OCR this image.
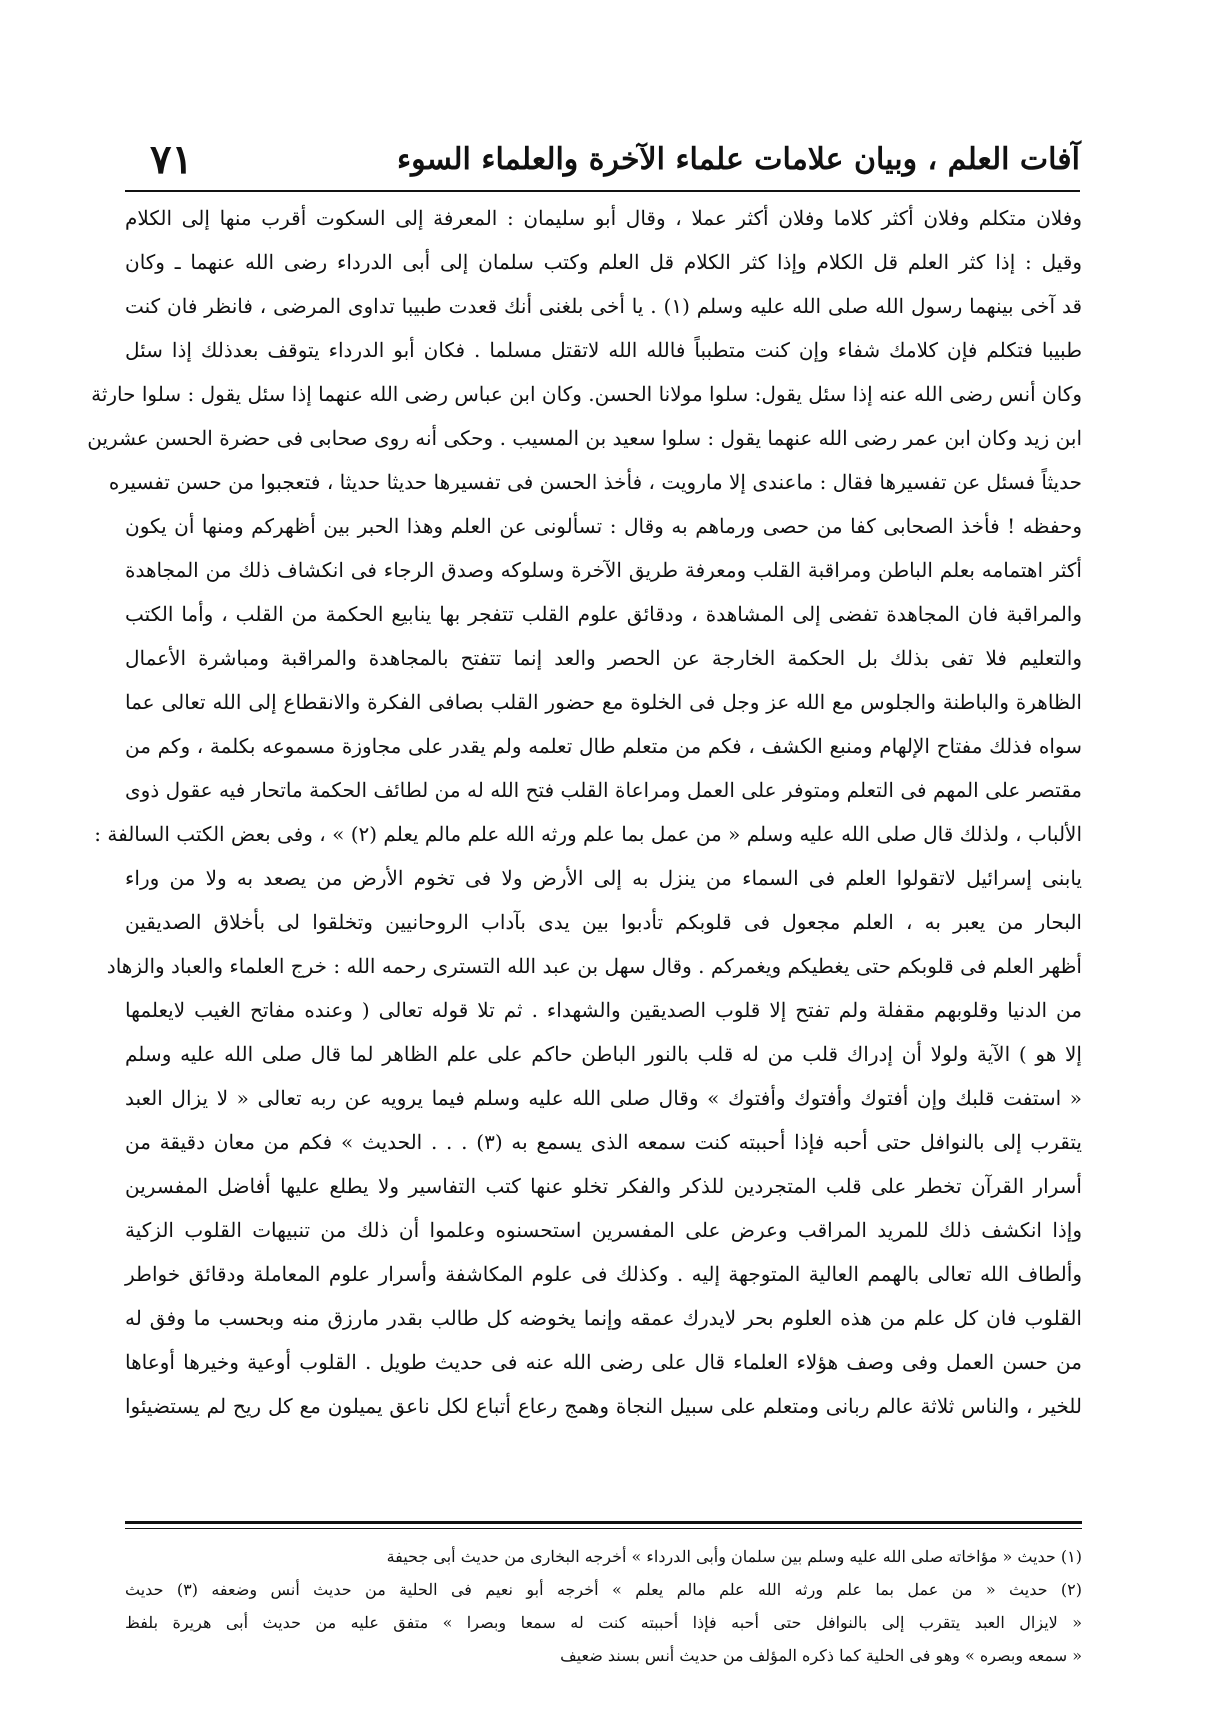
آفات العلم ، وبيان علامات علماء الآخرة والعلماء السوء
٧١
وفلان متكلم وفلان أكثر كلاما وفلان أكثر عملا ، وقال أبو سليمان : المعرفة إلى السكوت أقرب منها إلى الكلام
وقيل : إذا كثر العلم قل الكلام وإذا كثر الكلام قل العلم وكتب سلمان إلى أبى الدرداء رضى الله عنهما ـ وكان
قد آخى بينهما رسول الله صلى الله عليه وسلم (١) . يا أخى بلغنى أنك قعدت طبيبا تداوى المرضى ، فانظر فان كنت
طبيبا فتكلم فإن كلامك شفاء وإن كنت متطبباً فالله الله لاتقتل مسلما . فكان أبو الدرداء يتوقف بعدذلك إذا سئل
وكان أنس رضى الله عنه إذا سئل يقول: سلوا مولانا الحسن. وكان ابن عباس رضى الله عنهما إذا سئل يقول : سلوا حارثة
ابن زيد وكان ابن عمر رضى الله عنهما يقول : سلوا سعيد بن المسيب . وحكى أنه روى صحابى فى حضرة الحسن عشرين
حديثاً فسئل عن تفسيرها فقال : ماعندى إلا مارويت ، فأخذ الحسن فى تفسيرها حديثا حديثا ، فتعجبوا من حسن تفسيره
وحفظه ! فأخذ الصحابى كفا من حصى ورماهم به وقال : تسألونى عن العلم وهذا الحبر بين أظهركم ومنها أن يكون
أكثر اهتمامه بعلم الباطن ومراقبة القلب ومعرفة طريق الآخرة وسلوكه وصدق الرجاء فى انكشاف ذلك من المجاهدة
والمراقبة فان المجاهدة تفضى إلى المشاهدة ، ودقائق علوم القلب تتفجر بها ينابيع الحكمة من القلب ، وأما الكتب
والتعليم فلا تفى بذلك بل الحكمة الخارجة عن الحصر والعد إنما تتفتح بالمجاهدة والمراقبة ومباشرة الأعمال
الظاهرة والباطنة والجلوس مع الله عز وجل فى الخلوة مع حضور القلب بصافى الفكرة والانقطاع إلى الله تعالى عما
سواه فذلك مفتاح الإلهام ومنبع الكشف ، فكم من متعلم طال تعلمه ولم يقدر على مجاوزة مسموعه بكلمة ، وكم من
مقتصر على المهم فى التعلم ومتوفر على العمل ومراعاة القلب فتح الله له من لطائف الحكمة ماتحار فيه عقول ذوى
الألباب ، ولذلك قال صلى الله عليه وسلم « من عمل بما علم ورثه الله علم مالم يعلم (٢) » ، وفى بعض الكتب السالفة :
يابنى إسرائيل لاتقولوا العلم فى السماء من ينزل به إلى الأرض ولا فى تخوم الأرض من يصعد به ولا من وراء
البحار من يعبر به ، العلم مجعول فى قلوبكم تأدبوا بين يدى بآداب الروحانيين وتخلقوا لى بأخلاق الصديقين
أظهر العلم فى قلوبكم حتى يغطيكم ويغمركم . وقال سهل بن عبد الله التسترى رحمه الله : خرج العلماء والعباد والزهاد
من الدنيا وقلوبهم مقفلة ولم تفتح إلا قلوب الصديقين والشهداء . ثم تلا قوله تعالى ( وعنده مفاتح الغيب لايعلمها
إلا هو ) الآية ولولا أن إدراك قلب من له قلب بالنور الباطن حاكم على علم الظاهر لما قال صلى الله عليه وسلم
« استفت قلبك وإن أفتوك وأفتوك وأفتوك » وقال صلى الله عليه وسلم فيما يرويه عن ربه تعالى « لا يزال العبد
يتقرب إلى بالنوافل حتى أحبه فإذا أحببته كنت سمعه الذى يسمع به (٣) . . . الحديث » فكم من معان دقيقة من
أسرار القرآن تخطر على قلب المتجردين للذكر والفكر تخلو عنها كتب التفاسير ولا يطلع عليها أفاضل المفسرين
وإذا انكشف ذلك للمريد المراقب وعرض على المفسرين استحسنوه وعلموا أن ذلك من تنبيهات القلوب الزكية
وألطاف الله تعالى بالهمم العالية المتوجهة إليه . وكذلك فى علوم المكاشفة وأسرار علوم المعاملة ودقائق خواطر
القلوب فان كل علم من هذه العلوم بحر لايدرك عمقه وإنما يخوضه كل طالب بقدر مارزق منه وبحسب ما وفق له
من حسن العمل وفى وصف هؤلاء العلماء قال على رضى الله عنه فى حديث طويل . القلوب أوعية وخيرها أوعاها
للخير ، والناس ثلاثة عالم ربانى ومتعلم على سبيل النجاة وهمج رعاع أتباع لكل ناعق يميلون مع كل ريح لم يستضيئوا
(١) حديث « مؤاخاته صلى الله عليه وسلم بين سلمان وأبى الدرداء » أخرجه البخارى من حديث أبى جحيفة
(٢) حديث « من عمل بما علم ورثه الله علم مالم يعلم » أخرجه أبو نعيم فى الحلية من حديث أنس وضعفه (٣) حديث
« لايزال العبد يتقرب إلى بالنوافل حتى أحبه فإذا أحببته كنت له سمعا وبصرا » متفق عليه من حديث أبى هريرة بلفظ
« سمعه وبصره » وهو فى الحلية كما ذكره المؤلف من حديث أنس بسند ضعيف
